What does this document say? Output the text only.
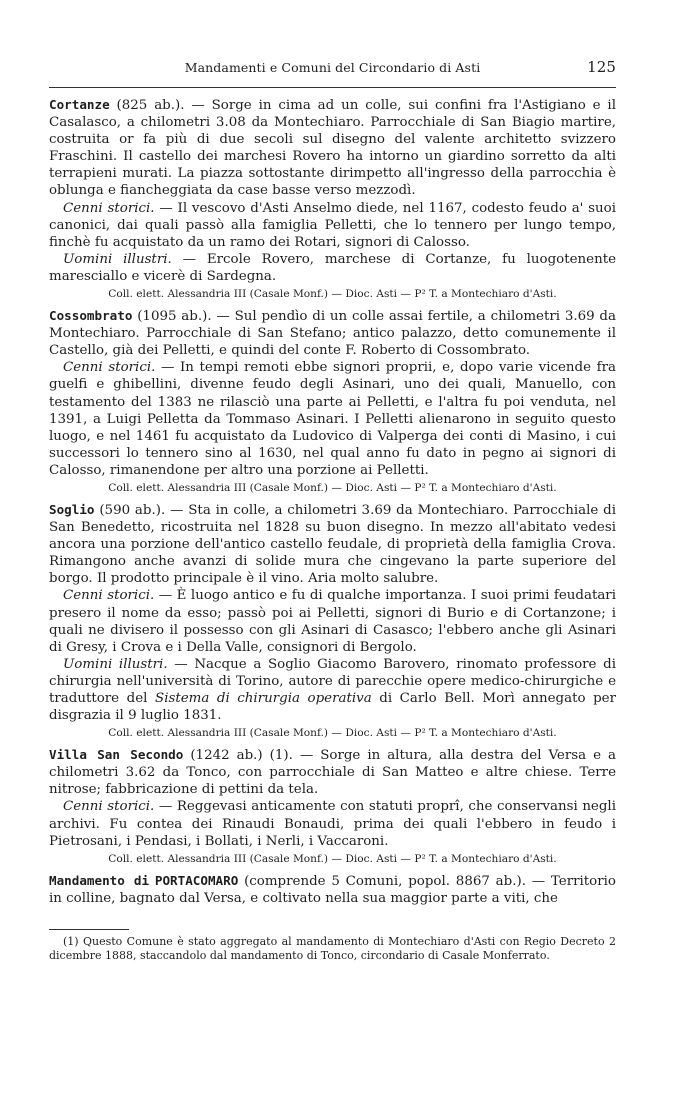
Mandamenti e Comuni del Circondario di Asti	125

Cortanze (825 ab.). — Sorge in cima ad un colle, sui confini fra l'Astigiano e il Casalasco, a chilometri 3.08 da Montechiaro. Parrocchiale di San Biagio martire, costruita or fa più di due secoli sul disegno del valente architetto svizzero Fraschini. Il castello dei marchesi Rovero ha intorno un giardino sorretto da alti terrapieni murati. La piazza sottostante dirimpetto all'ingresso della parrocchia è oblunga e fiancheggiata da case basse verso mezzodì.

Cenni storici. — Il vescovo d'Asti Anselmo diede, nel 1167, codesto feudo a' suoi canonici, dai quali passò alla famiglia Pelletti, che lo tennero per lungo tempo, finchè fu acquistato da un ramo dei Rotari, signori di Calosso.

Uomini illustri. — Ercole Rovero, marchese di Cortanze, fu luogotenente maresciallo e vicerè di Sardegna.

Coll. elett. Alessandria III (Casale Monf.) — Dioc. Asti — P² T. a Montechiaro d'Asti.

Cossombrato (1095 ab.). — Sul pendìo di un colle assai fertile, a chilometri 3.69 da Montechiaro. Parrocchiale di San Stefano; antico palazzo, detto comunemente il Castello, già dei Pelletti, e quindi del conte F. Roberto di Cossombrato.

Cenni storici. — In tempi remoti ebbe signori proprii, e, dopo varie vicende fra guelfi e ghibellini, divenne feudo degli Asinari, uno dei quali, Manuello, con testamento del 1383 ne rilasciò una parte ai Pelletti, e l'altra fu poi venduta, nel 1391, a Luigi Pelletta da Tommaso Asinari. I Pelletti alienarono in seguito questo luogo, e nel 1461 fu acquistato da Ludovico di Valperga dei conti di Masino, i cui successori lo tennero sino al 1630, nel qual anno fu dato in pegno ai signori di Calosso, rimanendone per altro una porzione ai Pelletti.

Coll. elett. Alessandria III (Casale Monf.) — Dioc. Asti — P² T. a Montechiaro d'Asti.

Soglio (590 ab.). — Sta in colle, a chilometri 3.69 da Montechiaro. Parrocchiale di San Benedetto, ricostruita nel 1828 su buon disegno. In mezzo all'abitato vedesi ancora una porzione dell'antico castello feudale, di proprietà della famiglia Crova. Rimangono anche avanzi di solide mura che cingevano la parte superiore del borgo. Il prodotto principale è il vino. Aria molto salubre.

Cenni storici. — È luogo antico e fu di qualche importanza. I suoi primi feudatari presero il nome da esso; passò poi ai Pelletti, signori di Burio e di Cortanzone; i quali ne divisero il possesso con gli Asinari di Casasco; l'ebbero anche gli Asinari di Gresy, i Crova e i Della Valle, consignori di Bergolo.

Uomini illustri. — Nacque a Soglio Giacomo Barovero, rinomato professore di chirurgia nell'università di Torino, autore di parecchie opere medico-chirurgiche e traduttore del Sistema di chirurgia operativa di Carlo Bell. Morì annegato per disgrazia il 9 luglio 1831.

Coll. elett. Alessandria III (Casale Monf.) — Dioc. Asti — P² T. a Montechiaro d'Asti.

Villa San Secondo (1242 ab.) (1). — Sorge in altura, alla destra del Versa e a chilometri 3.62 da Tonco, con parrocchiale di San Matteo e altre chiese. Terre nitrose; fabbricazione di pettini da tela.

Cenni storici. — Reggevasi anticamente con statuti proprî, che conservansi negli archivi. Fu contea dei Rinaudi Bonaudi, prima dei quali l'ebbero in feudo i Pietrosani, i Pendasi, i Bollati, i Nerli, i Vaccaroni.

Coll. elett. Alessandria III (Casale Monf.) — Dioc. Asti — P² T. a Montechiaro d'Asti.

Mandamento di PORTACOMARO (comprende 5 Comuni, popol. 8867 ab.). — Territorio in colline, bagnato dal Versa, e coltivato nella sua maggior parte a viti, che

(1) Questo Comune è stato aggregato al mandamento di Montechiaro d'Asti con Regio Decreto 2 dicembre 1888, staccandolo dal mandamento di Tonco, circondario di Casale Monferrato.
